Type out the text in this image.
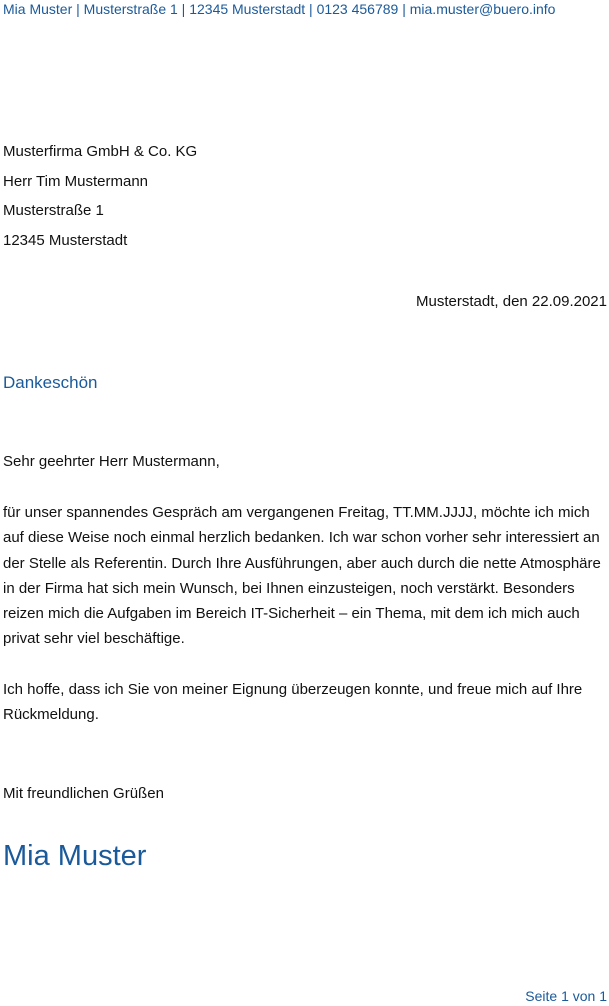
Mia Muster | Musterstraße 1 | 12345 Musterstadt | 0123 456789 | mia.muster@buero.info
Musterfirma GmbH & Co. KG
Herr Tim Mustermann
Musterstraße 1
12345 Musterstadt
Musterstadt, den 22.09.2021
Dankeschön
Sehr geehrter Herr Mustermann,

für unser spannendes Gespräch am vergangenen Freitag, TT.MM.JJJJ, möchte ich mich auf diese Weise noch einmal herzlich bedanken. Ich war schon vorher sehr interessiert an der Stelle als Referentin. Durch Ihre Ausführungen, aber auch durch die nette Atmosphäre in der Firma hat sich mein Wunsch, bei Ihnen einzusteigen, noch verstärkt. Besonders reizen mich die Aufgaben im Bereich IT-Sicherheit – ein Thema, mit dem ich mich auch privat sehr viel beschäftige.

Ich hoffe, dass ich Sie von meiner Eignung überzeugen konnte, und freue mich auf Ihre Rückmeldung.

Mit freundlichen Grüßen
Mia Muster
Seite 1 von 1
